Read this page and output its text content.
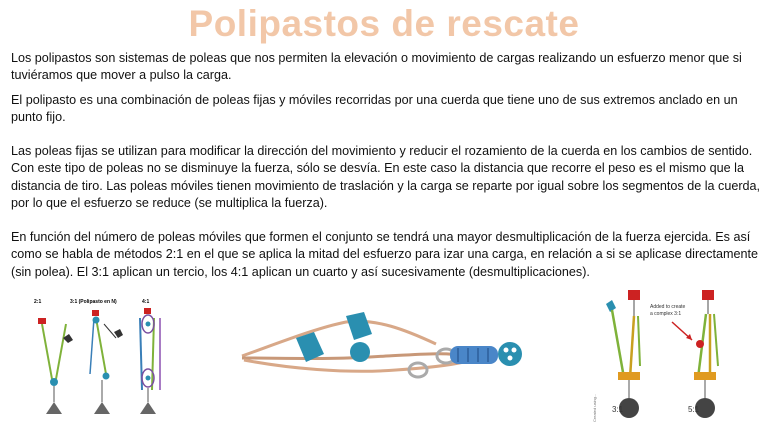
Polipastos de rescate

Los polipastos son sistemas de poleas que nos permiten la elevación o movimiento de cargas realizando un esfuerzo menor que si tuviéramos que mover a pulso la carga.

El polipasto es una combinación de poleas fijas y móviles recorridas por una cuerda que tiene uno de sus extremos anclado en un punto fijo.

Las poleas fijas se utilizan para modificar la dirección del movimiento y reducir el rozamiento de la cuerda en los cambios de sentido. Con este tipo de poleas no se disminuye la fuerza, sólo se desvía. En este caso la distancia que recorre el peso es el mismo que la distancia de tiro. Las poleas móviles tienen movimiento de traslación y la carga se reparte por igual sobre los segmentos de la cuerda, por lo que el esfuerzo se reduce (se multiplica la fuerza).

En función del número de poleas móviles que formen el conjunto se tendrá una mayor desmultiplicación de la fuerza ejercida. Es así como se habla de métodos 2:1 en el que se aplica la mitad del esfuerzo para izar una carga, en relación a si se aplicase directamente (sin polea). El 3:1 aplican un tercio, los 4:1 aplican un cuarto y así sucesivamente (desmultiplicaciones).

2:1	3:1 (Polipasto en N)	4:1
Created using... 3:1
Added to create
a complex 3:1
5:1
